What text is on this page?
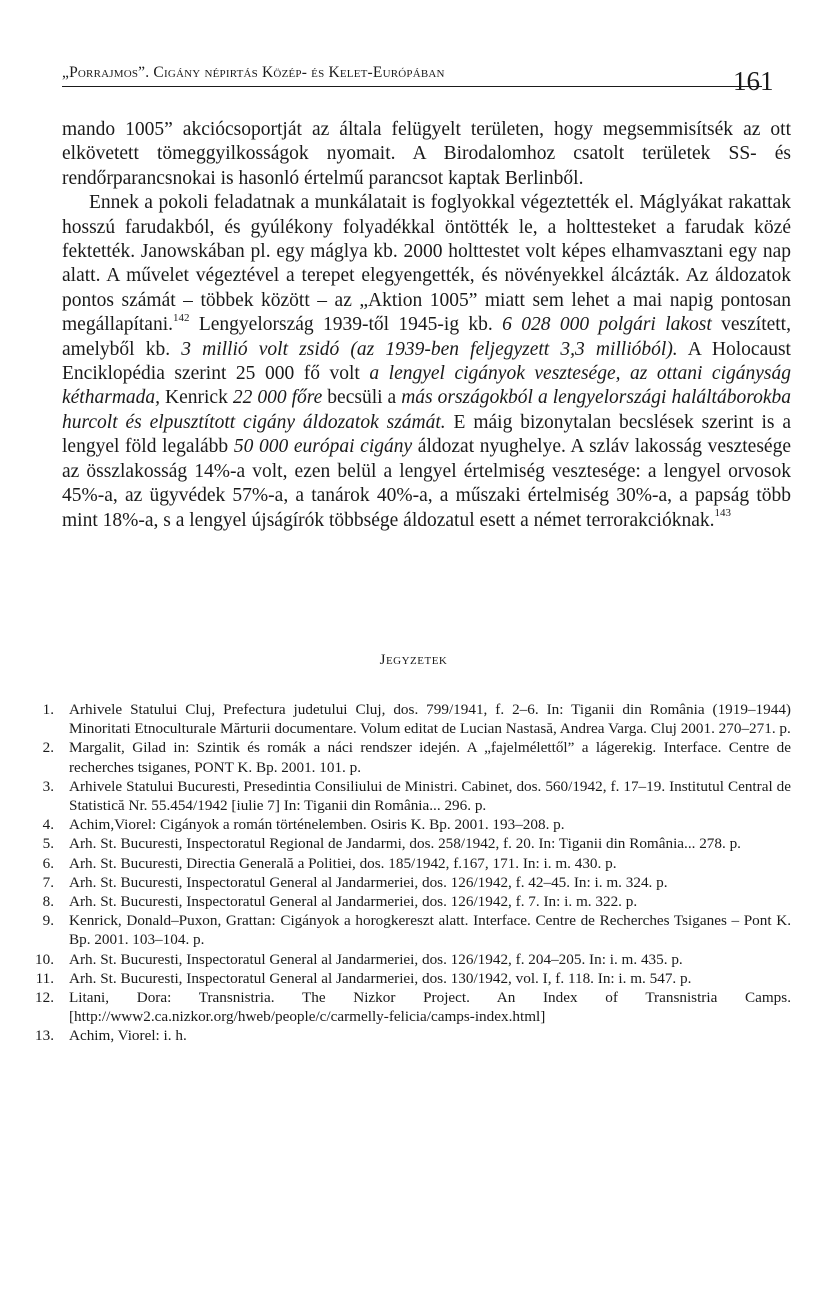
„Porrajmos”. Cigány népirtás Közép- és Kelet-Európában	161

mando 1005” akciócsoportját az általa felügyelt területen, hogy megsemmisítsék az ott elkövetett tömeggyilkosságok nyomait. A Birodalomhoz csatolt területek SS- és rendőrparancsnokai is hasonló értelmű parancsot kaptak Berlinből.

Ennek a pokoli feladatnak a munkálatait is foglyokkal végeztették el. Máglyákat rakattak hosszú farudakból, és gyúlékony folyadékkal öntötték le, a holttesteket a farudak közé fektették. Janowskában pl. egy máglya kb. 2000 holttestet volt képes elhamvasztani egy nap alatt. A művelet végeztével a terepet elegyengették, és növényekkel álcázták. Az áldozatok pontos számát – többek között – az „Aktion 1005” miatt sem lehet a mai napig pontosan megállapítani.$^{142}$ Lengyelország 1939-től 1945-ig kb. 6 028 000 polgári lakost veszített, amelyből kb. 3 millió volt zsidó (az 1939-ben feljegyzett 3,3 millióból). A Holocaust Enciklopédia szerint 25 000 fő volt a lengyel cigányok vesztesége, az ottani cigányság kétharmada, Kenrick 22 000 főre becsüli a más országokból a lengyelországi haláltáborokba hurcolt és elpusztított cigány áldozatok számát. E máig bizonytalan becslések szerint is a lengyel föld legalább 50 000 európai cigány áldozat nyughelye. A szláv lakosság vesztesége az összlakosság 14%-a volt, ezen belül a lengyel értelmiség vesztesége: a lengyel orvosok 45%-a, az ügyvédek 57%-a, a tanárok 40%-a, a műszaki értelmiség 30%-a, a papság több mint 18%-a, s a lengyel újságírók többsége áldozatul esett a német terrorakcióknak.$^{143}$

Jegyzetek
1. Arhivele Statului Cluj, Prefectura judetului Cluj, dos. 799/1941, f. 2–6. In: Tiganii din România (1919–1944) Minoritati Etnoculturale Mărturii documentare. Volum editat de Lucian Nastasă, Andrea Varga. Cluj 2001. 270–271. p.
2. Margalit, Gilad in: Szintik és romák a náci rendszer idején. A „fajelmélettől” a lágerekig. Interface. Centre de recherches tsiganes, PONT K. Bp. 2001. 101. p.
3. Arhivele Statului Bucuresti, Presedintia Consiliului de Ministri. Cabinet, dos. 560/1942, f. 17–19. Institutul Central de Statistică Nr. 55.454/1942 [iulie 7] In: Tiganii din România... 296. p.
4. Achim,Viorel: Cigányok a román történelemben. Osiris K. Bp. 2001. 193–208. p.
5. Arh. St. Bucuresti, Inspectoratul Regional de Jandarmi, dos. 258/1942, f. 20. In: Tiganii din România... 278. p.
6. Arh. St. Bucuresti, Directia Generală a Politiei, dos. 185/1942, f.167, 171. In: i. m. 430. p.
7. Arh. St. Bucuresti, Inspectoratul General al Jandarmeriei, dos. 126/1942, f. 42–45. In: i. m. 324. p.
8. Arh. St. Bucuresti, Inspectoratul General al Jandarmeriei, dos. 126/1942, f. 7. In: i. m. 322. p.
9. Kenrick, Donald–Puxon, Grattan: Cigányok a horogkereszt alatt. Interface. Centre de Recherches Tsiganes – Pont K. Bp. 2001. 103–104. p.
10. Arh. St. Bucuresti, Inspectoratul General al Jandarmeriei, dos. 126/1942, f. 204–205. In: i. m. 435. p.
11. Arh. St. Bucuresti, Inspectoratul General al Jandarmeriei, dos. 130/1942, vol. I, f. 118. In: i. m. 547. p.
12. Litani, Dora: Transnistria. The Nizkor Project. An Index of Transnistria Camps. [http://www2.ca.nizkor.org/hweb/people/c/carmelly-felicia/camps-index.html]
13. Achim, Viorel: i. h.
